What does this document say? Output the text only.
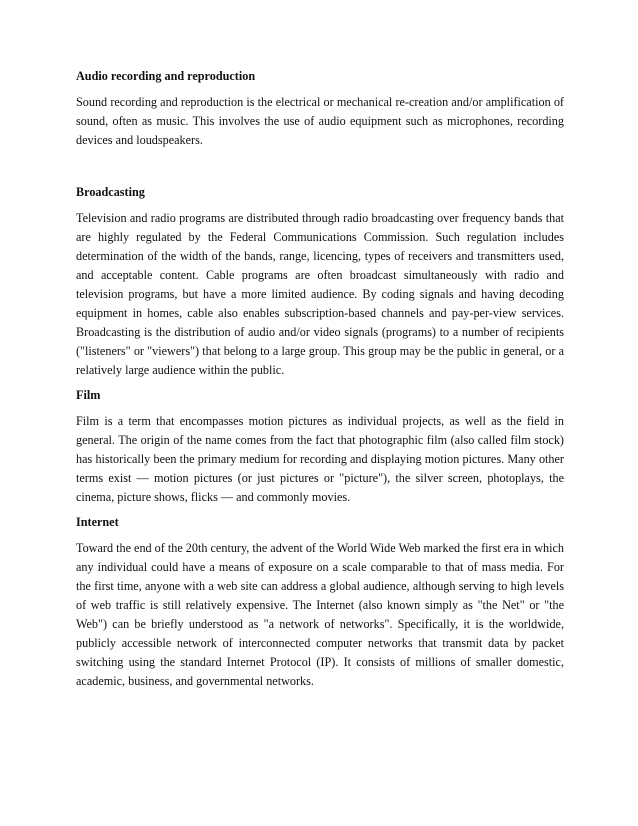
Audio recording and reproduction

Sound recording and reproduction is the electrical or mechanical re-creation and/or amplification of sound, often as music. This involves the use of audio equipment such as microphones, recording devices and loudspeakers.

Broadcasting

Television and radio programs are distributed through radio broadcasting over frequency bands that are highly regulated by the Federal Communications Commission. Such regulation includes determination of the width of the bands, range, licencing, types of receivers and transmitters used, and acceptable content. Cable programs are often broadcast simultaneously with radio and television programs, but have a more limited audience. By coding signals and having decoding equipment in homes, cable also enables subscription-based channels and pay-per-view services. Broadcasting is the distribution of audio and/or video signals (programs) to a number of recipients ("listeners" or "viewers") that belong to a large group. This group may be the public in general, or a relatively large audience within the public.

Film

Film is a term that encompasses motion pictures as individual projects, as well as the field in general. The origin of the name comes from the fact that photographic film (also called film stock) has historically been the primary medium for recording and displaying motion pictures. Many other terms exist — motion pictures (or just pictures or "picture"), the silver screen, photoplays, the cinema, picture shows, flicks — and commonly movies.

Internet

Toward the end of the 20th century, the advent of the World Wide Web marked the first era in which any individual could have a means of exposure on a scale comparable to that of mass media. For the first time, anyone with a web site can address a global audience, although serving to high levels of web traffic is still relatively expensive. The Internet (also known simply as "the Net" or "the Web") can be briefly understood as "a network of networks". Specifically, it is the worldwide, publicly accessible network of interconnected computer networks that transmit data by packet switching using the standard Internet Protocol (IP). It consists of millions of smaller domestic, academic, business, and governmental networks.
